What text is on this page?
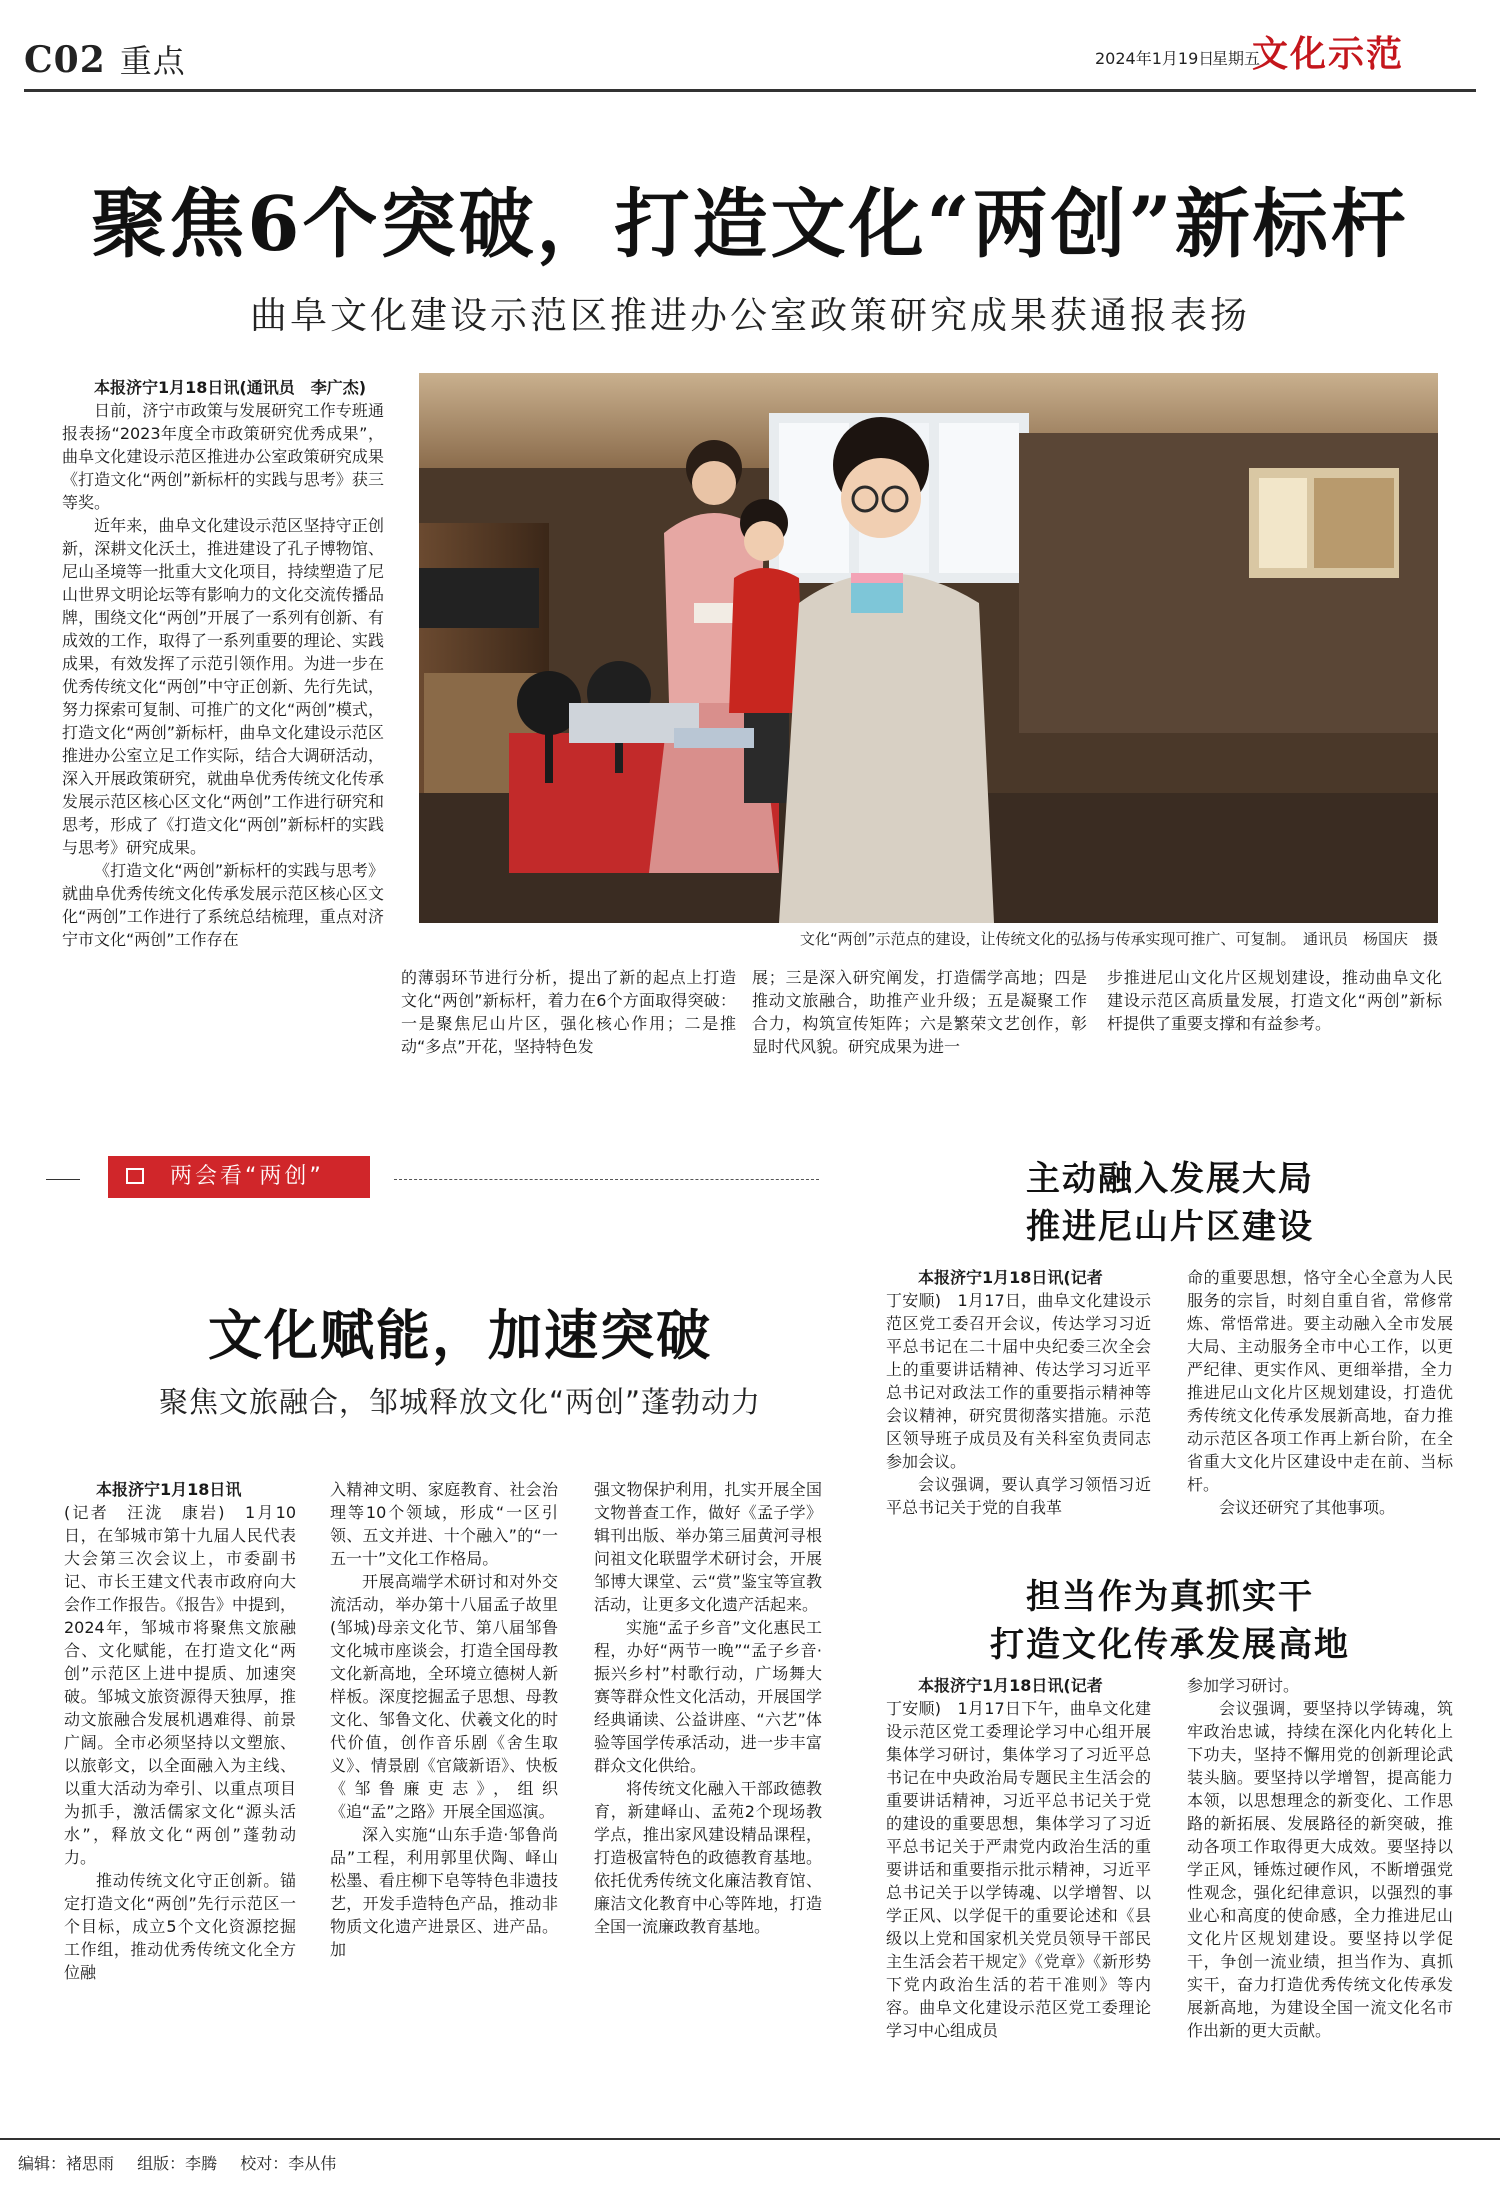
C02 重点	2024年1月19日
星期五
文化示范
聚焦6个突破，打造文化“两创”新标杆
曲阜文化建设示范区推进办公室政策研究成果获通报表扬

本报济宁1月18日讯(通讯员　李广杰)

日前，济宁市政策与发展研究工作专班通报表扬“2023年度全市政策研究优秀成果”，曲阜文化建设示范区推进办公室政策研究成果《打造文化“两创”新标杆的实践与思考》获三等奖。

近年来，曲阜文化建设示范区坚持守正创新，深耕文化沃土，推进建设了孔子博物馆、尼山圣境等一批重大文化项目，持续塑造了尼山世界文明论坛等有影响力的文化交流传播品牌，围绕文化“两创”开展了一系列有创新、有成效的工作，取得了一系列重要的理论、实践成果，有效发挥了示范引领作用。为进一步在优秀传统文化“两创”中守正创新、先行先试，努力探索可复制、可推广的文化“两创”模式，打造文化“两创”新标杆，曲阜文化建设示范区推进办公室立足工作实际，结合大调研活动，深入开展政策研究，就曲阜优秀传统文化传承发展示范区核心区文化“两创”工作进行研究和思考，形成了《打造文化“两创”新标杆的实践与思考》研究成果。

《打造文化“两创”新标杆的实践与思考》就曲阜优秀传统文化传承发展示范区核心区文化“两创”工作进行了系统总结梳理，重点对济宁市文化“两创”工作存在	文化“两创”示范点的建设，让传统文化的弘扬与传承实现可推广、可复制。　通讯员　杨国庆　摄

的薄弱环节进行分析，提出了新的起点上打造文化“两创”新标杆，着力在6个方面取得突破：一是聚焦尼山片区，强化核心作用；二是推动“多点”开花，坚持特色发

展；三是深入研究阐发，打造儒学高地；四是推动文旅融合，助推产业升级；五是凝聚工作合力，构筑宣传矩阵；六是繁荣文艺创作，彰显时代风貌。研究成果为进一

步推进尼山文化片区规划建设，推动曲阜文化建设示范区高质量发展，打造文化“两创”新标杆提供了重要支撑和有益参考。

两会看“两创”
文化赋能，加速突破
聚焦文旅融合，邹城释放文化“两创”蓬勃动力

本报济宁1月18日讯

(记者　汪泷　康岩)　1月10日，在邹城市第十九届人民代表大会第三次会议上，市委副书记、市长王建文代表市政府向大会作工作报告。《报告》中提到，2024年，邹城市将聚焦文旅融合、文化赋能，在打造文化“两创”示范区上进中提质、加速突破。邹城文旅资源得天独厚，推动文旅融合发展机遇难得、前景广阔。全市必须坚持以文塑旅、以旅彰文，以全面融入为主线、以重大活动为牵引、以重点项目为抓手，激活儒家文化“源头活水”，释放文化“两创”蓬勃动力。

推动传统文化守正创新。锚定打造文化“两创”先行示范区一个目标，成立5个文化资源挖掘工作组，推动优秀传统文化全方位融

入精神文明、家庭教育、社会治理等10个领域，形成“一区引领、五文并进、十个融入”的“一五一十”文化工作格局。

开展高端学术研讨和对外交流活动，举办第十八届孟子故里(邹城)母亲文化节、第八届邹鲁文化城市座谈会，打造全国母教文化新高地，全环境立德树人新样板。深度挖掘孟子思想、母教文化、邹鲁文化、伏羲文化的时代价值，创作音乐剧《舍生取义》、情景剧《官箴新语》、快板《邹鲁廉吏志》，组织《追“孟”之路》开展全国巡演。

深入实施“山东手造·邹鲁尚品”工程，利用郭里伏陶、峄山松墨、看庄柳下皂等特色非遗技艺，开发手造特色产品，推动非物质文化遗产进景区、进产品。加

强文物保护利用，扎实开展全国文物普查工作，做好《孟子学》辑刊出版、举办第三届黄河寻根问祖文化联盟学术研讨会，开展邹博大课堂、云“赏”鉴宝等宣教活动，让更多文化遗产活起来。

实施“孟子乡音”文化惠民工程，办好“两节一晚”“孟子乡音·振兴乡村”村歌行动，广场舞大赛等群众性文化活动，开展国学经典诵读、公益讲座、“六艺”体验等国学传承活动，进一步丰富群众文化供给。

将传统文化融入干部政德教育，新建峄山、孟苑2个现场教学点，推出家风建设精品课程，打造极富特色的政德教育基地。依托优秀传统文化廉洁教育馆、廉洁文化教育中心等阵地，打造全国一流廉政教育基地。

主动融入发展大局
推进尼山片区建设

本报济宁1月18日讯(记者

丁安顺)　1月17日，曲阜文化建设示范区党工委召开会议，传达学习习近平总书记在二十届中央纪委三次全会上的重要讲话精神、传达学习习近平总书记对政法工作的重要指示精神等会议精神，研究贯彻落实措施。示范区领导班子成员及有关科室负责同志参加会议。

会议强调，要认真学习领悟习近平总书记关于党的自我革

命的重要思想，恪守全心全意为人民服务的宗旨，时刻自重自省，常修常炼、常悟常进。要主动融入全市发展大局、主动服务全市中心工作，以更严纪律、更实作风、更细举措，全力推进尼山文化片区规划建设，打造优秀传统文化传承发展新高地，奋力推动示范区各项工作再上新台阶，在全省重大文化片区建设中走在前、当标杆。

会议还研究了其他事项。

担当作为真抓实干
打造文化传承发展高地

本报济宁1月18日讯(记者

丁安顺)　1月17日下午，曲阜文化建设示范区党工委理论学习中心组开展集体学习研讨，集体学习了习近平总书记在中央政治局专题民主生活会的重要讲话精神，习近平总书记关于党的建设的重要思想，集体学习了习近平总书记关于严肃党内政治生活的重要讲话和重要指示批示精神，习近平总书记关于以学铸魂、以学增智、以学正风、以学促干的重要论述和《县级以上党和国家机关党员领导干部民主生活会若干规定》《党章》《新形势下党内政治生活的若干准则》等内容。曲阜文化建设示范区党工委理论学习中心组成员

参加学习研讨。

会议强调，要坚持以学铸魂，筑牢政治忠诚，持续在深化内化转化上下功夫，坚持不懈用党的创新理论武装头脑。要坚持以学增智，提高能力本领，以思想理念的新变化、工作思路的新拓展、发展路径的新突破，推动各项工作取得更大成效。要坚持以学正风，锤炼过硬作风，不断增强党性观念，强化纪律意识，以强烈的事业心和高度的使命感，全力推进尼山文化片区规划建设。要坚持以学促干，争创一流业绩，担当作为、真抓实干，奋力打造优秀传统文化传承发展新高地，为建设全国一流文化名市作出新的更大贡献。

编辑：褚思雨 组版：李腾 校对：李从伟
